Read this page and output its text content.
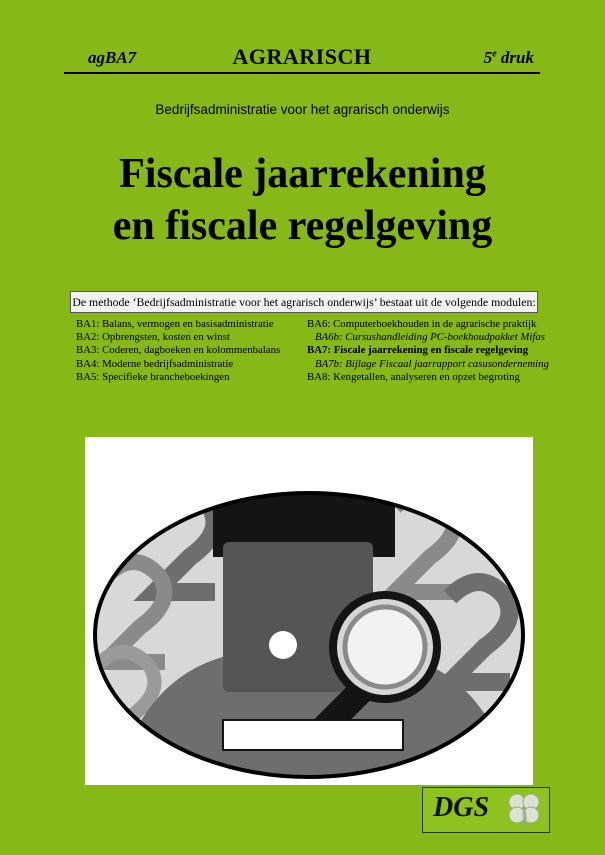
agBA7	AGRARISCH	5e druk
Bedrijfsadministratie voor het agrarisch onderwijs
Fiscale jaarrekening
en fiscale regelgeving
De methode ‘Bedrijfsadministratie voor het agrarisch onderwijs’ bestaat uit de volgende modulen:
BA1: Balans, vermogen en basisadministratie
BA2: Opbrengsten, kosten en winst
BA3: Coderen, dagboeken en kolommenbalans
BA4: Moderne bedrijfsadministratie
BA5: Specifieke branchebоekingen
BA6: Computerboekhouden in de agrarische praktijk
BA6b: Cursushandleiding PC-boekhoudpakket Mifas
BA7: Fiscale jaarrekening en fiscale regelgeving
BA7b: Bijlage Fiscaal jaarrapport casusonderneming
BA8: Kengetallen, analyseren en opzet begroting
DGS
